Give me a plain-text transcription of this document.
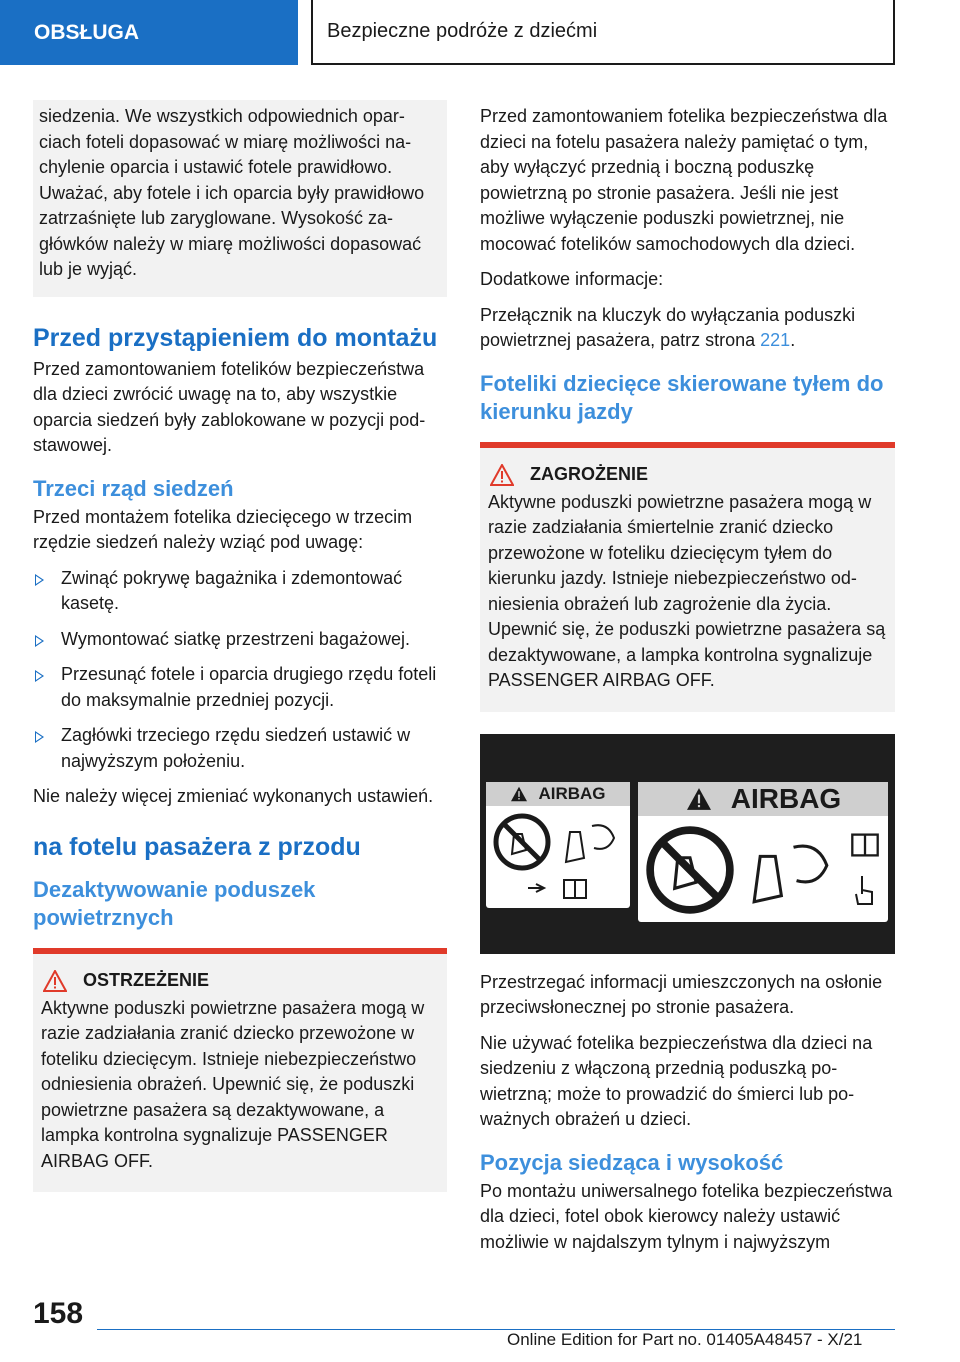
OBSŁUGA	Bezpieczne podróże z dziećmi

siedzenia. We wszystkich odpowiednich oparciach foteli dopasować w miarę możliwości nachylenie oparcia i ustawić fotele prawidłowo. Uważać, aby fotele i ich oparcia były prawidłowo zatrzaśnięte lub zaryglowane. Wysokość zagłówków należy w miarę możliwości dopasować lub je wyjąć.

Przed przystąpieniem do montażu

Przed zamontowaniem fotelików bezpieczeństwa dla dzieci zwrócić uwagę na to, aby wszystkie oparcia siedzeń były zablokowane w pozycji podstawowej.

Trzeci rząd siedzeń

Przed montażem fotelika dziecięcego w trzecim rzędzie siedzeń należy wziąć pod uwagę:

Zwinąć pokrywę bagażnika i zdemontować kasetę.
Wymontować siatkę przestrzeni bagażowej.
Przesunąć fotele i oparcia drugiego rzędu foteli do maksymalnie przedniej pozycji.
Zagłówki trzeciego rzędu siedzeń ustawić w najwyższym położeniu.

Nie należy więcej zmieniać wykonanych ustawień.

na fotelu pasażera z przodu
Dezaktywowanie poduszek powietrznych
OSTRZEŻENIE

Aktywne poduszki powietrzne pasażera mogą w razie zadziałania zranić dziecko przewożone w foteliku dziecięcym. Istnieje niebezpieczeństwo odniesienia obrażeń. Upewnić się, że poduszki powietrzne pasażera są dezaktywowane, a lampka kontrolna sygnalizuje PASSENGER AIRBAG OFF.

Przed zamontowaniem fotelika bezpieczeństwa dla dzieci na fotelu pasażera należy pamiętać o tym, aby wyłączyć przednią i boczną poduszkę powietrzną po stronie pasażera. Jeśli nie jest możliwe wyłączenie poduszki powietrznej, nie mocować fotelików samochodowych dla dzieci.

Dodatkowe informacje:

Przełącznik na kluczyk do wyłączania poduszki powietrznej pasażera, patrz strona 221.

Foteliki dziecięce skierowane tyłem do kierunku jazdy
ZAGROŻENIE

Aktywne poduszki powietrzne pasażera mogą w razie zadziałania śmiertelnie zranić dziecko przewożone w foteliku dziecięcym tyłem do kierunku jazdy. Istnieje niebezpieczeństwo odniesienia obrażeń lub zagrożenie dla życia. Upewnić się, że poduszki powietrzne pasażera są dezaktywowane, a lampka kontrolna sygnalizuje PASSENGER AIRBAG OFF.

AIRBAG	AIRBAG

Przestrzegać informacji umieszczonych na osłonie przeciwsłonecznej po stronie pasażera.

Nie używać fotelika bezpieczeństwa dla dzieci na siedzeniu z włączoną przednią poduszką powietrzną; może to prowadzić do śmierci lub poważnych obrażeń u dzieci.

Pozycja siedząca i wysokość

Po montażu uniwersalnego fotelika bezpieczeństwa dla dzieci, fotel obok kierowcy należy ustawić możliwie w najdalszym tylnym i najwyższym

158
Online Edition for Part no. 01405A48457 - X/21
